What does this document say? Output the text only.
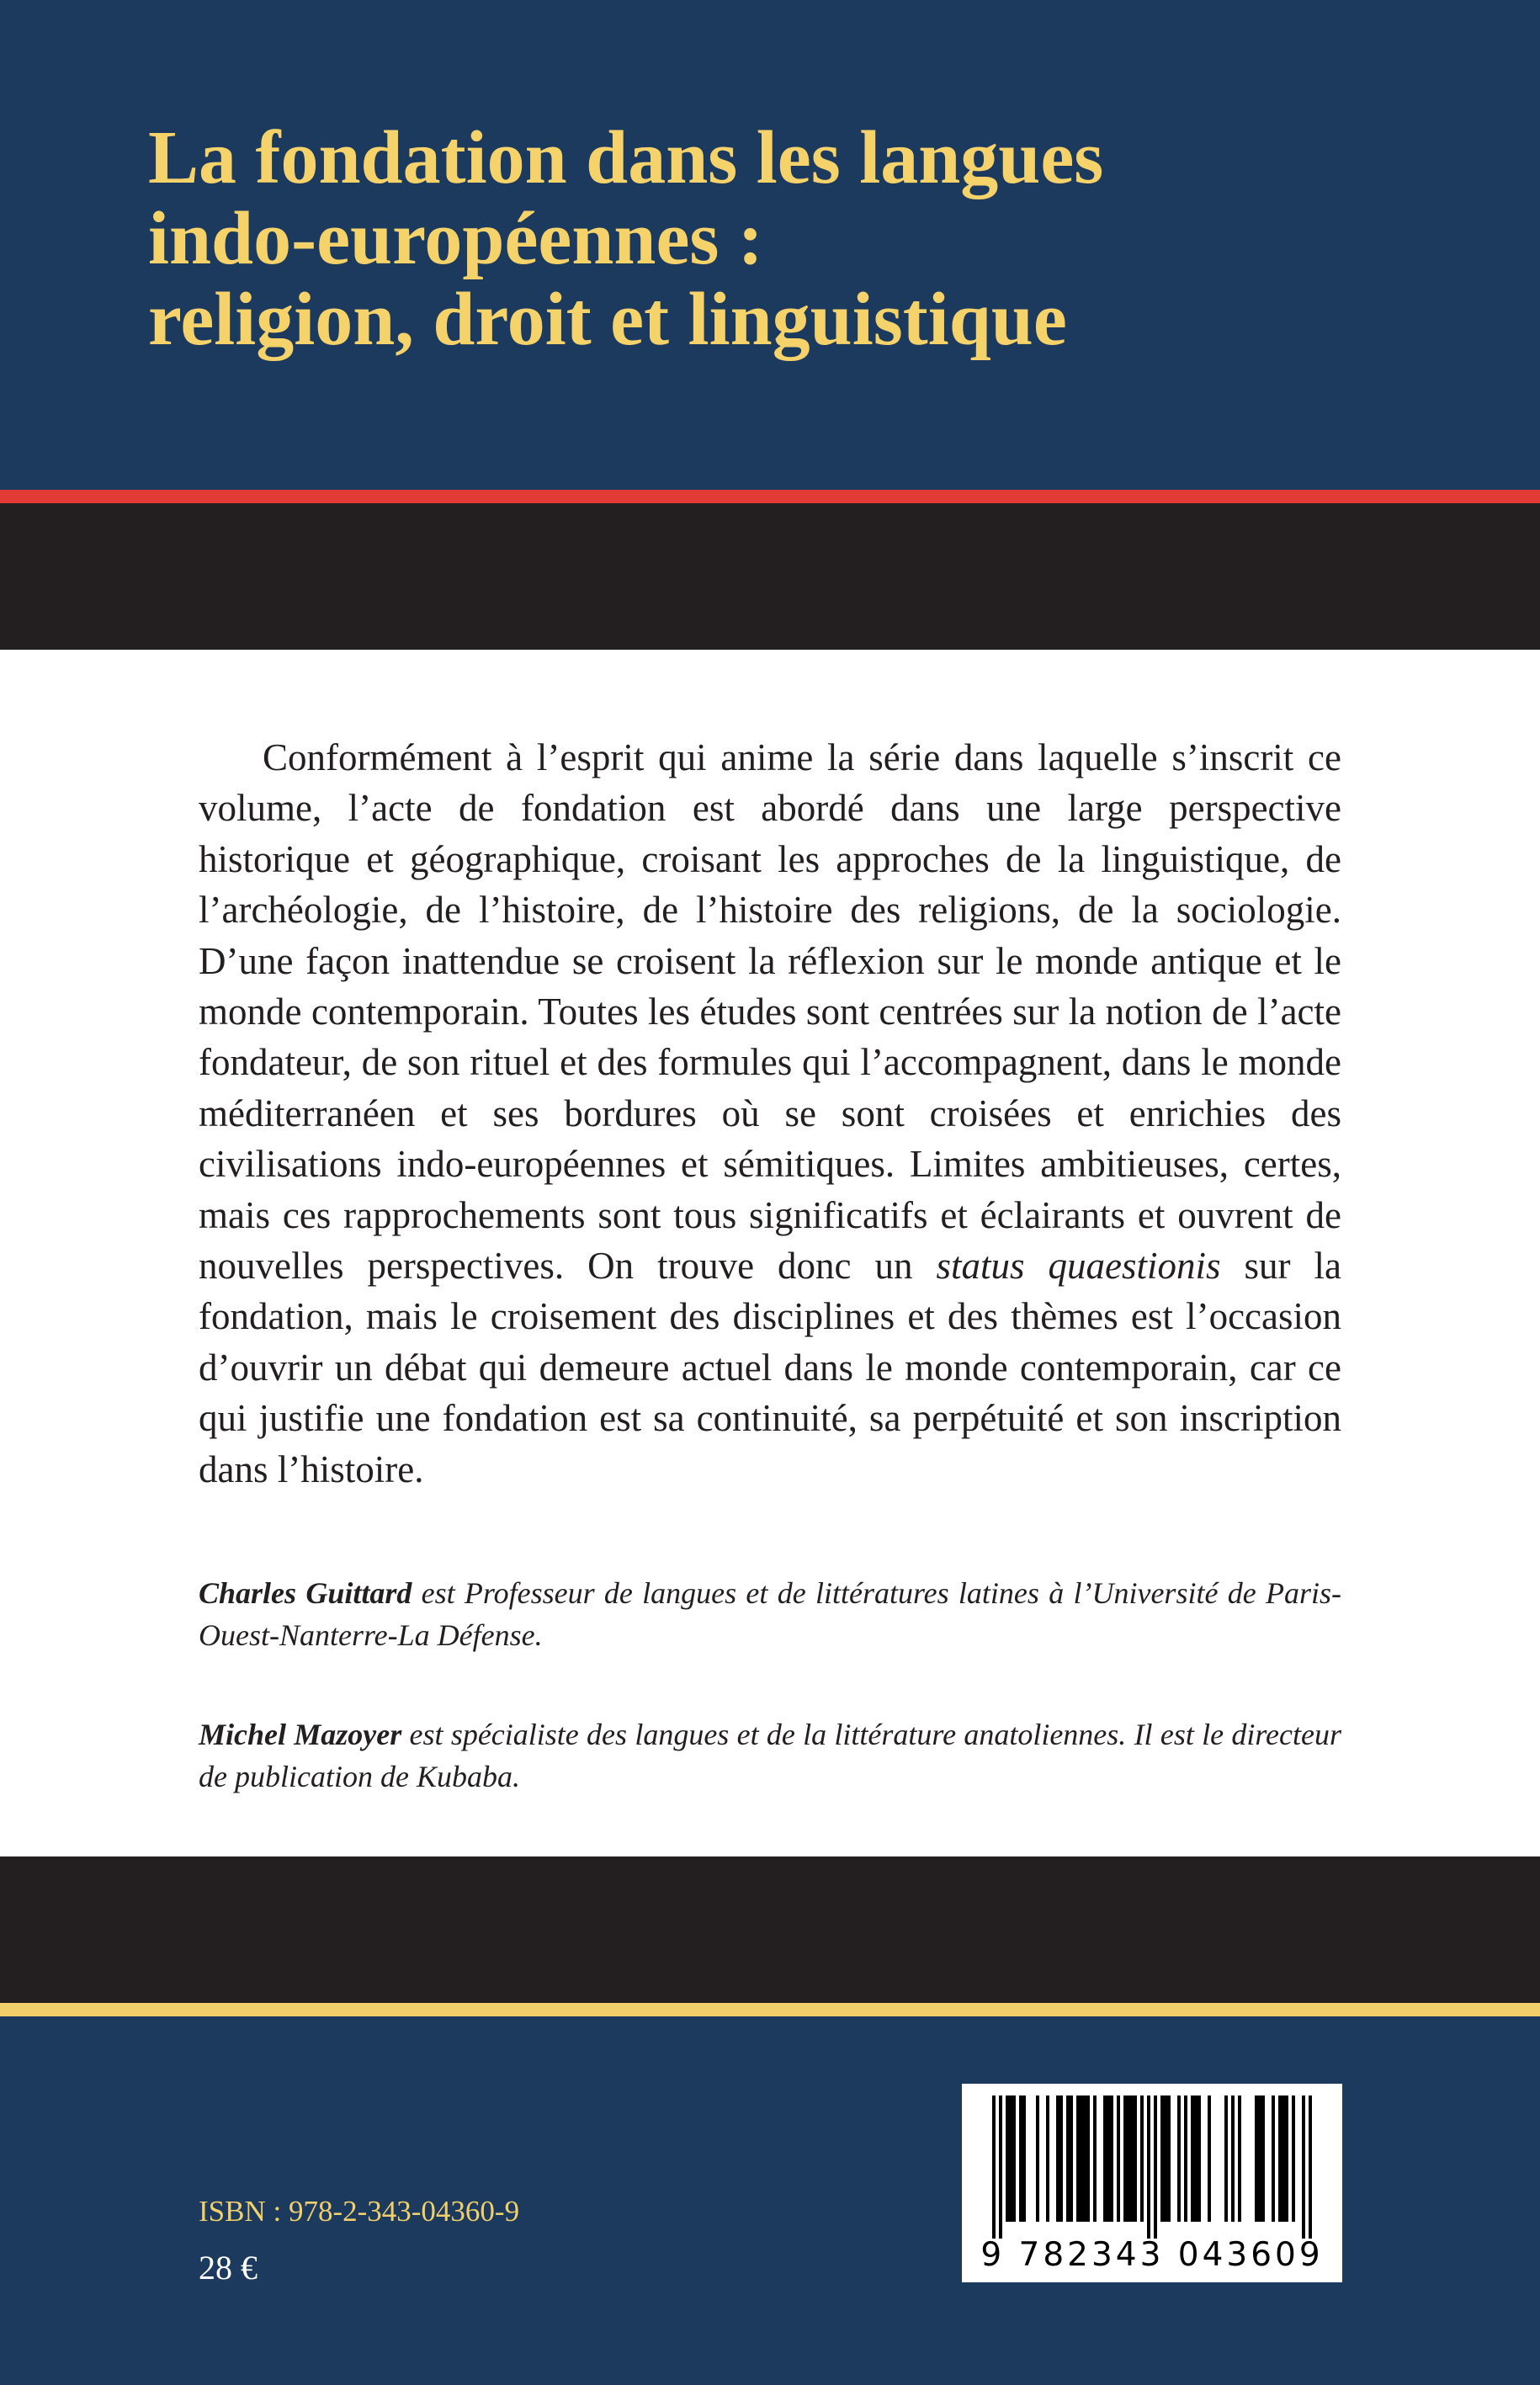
La fondation dans les langues
indo-européennes :
religion, droit et linguistique
Conformément à l’esprit qui anime la série dans laquelle s’inscrit ce volume, l’acte de fondation est abordé dans une large perspective historique et géographique, croisant les approches de la linguistique, de l’archéologie, de l’histoire, de l’histoire des religions, de la sociologie. D’une façon inattendue se croisent la réflexion sur le monde antique et le monde contemporain. Toutes les études sont centrées sur la notion de l’acte fondateur, de son rituel et des formules qui l’accompagnent, dans le monde méditerranéen et ses bordures où se sont croisées et enrichies des civilisations indo-européennes et sémitiques. Limites ambitieuses, certes, mais ces rapprochements sont tous significatifs et éclairants et ouvrent de nouvelles perspectives. On trouve donc un status quaestionis sur la fondation, mais le croisement des disciplines et des thèmes est l’occasion d’ouvrir un débat qui demeure actuel dans le monde contemporain, car ce qui justifie une fondation est sa continuité, sa perpétuité et son inscription dans l’histoire.
Charles Guittard est Professeur de langues et de littératures latines à l’Université de Paris-Ouest-Nanterre-La Défense.
Michel Mazoyer est spécialiste des langues et de la littérature anatoliennes. Il est le directeur de publication de Kubaba.
ISBN : 978-2-343-04360-9
28 €	9 782343 043609
